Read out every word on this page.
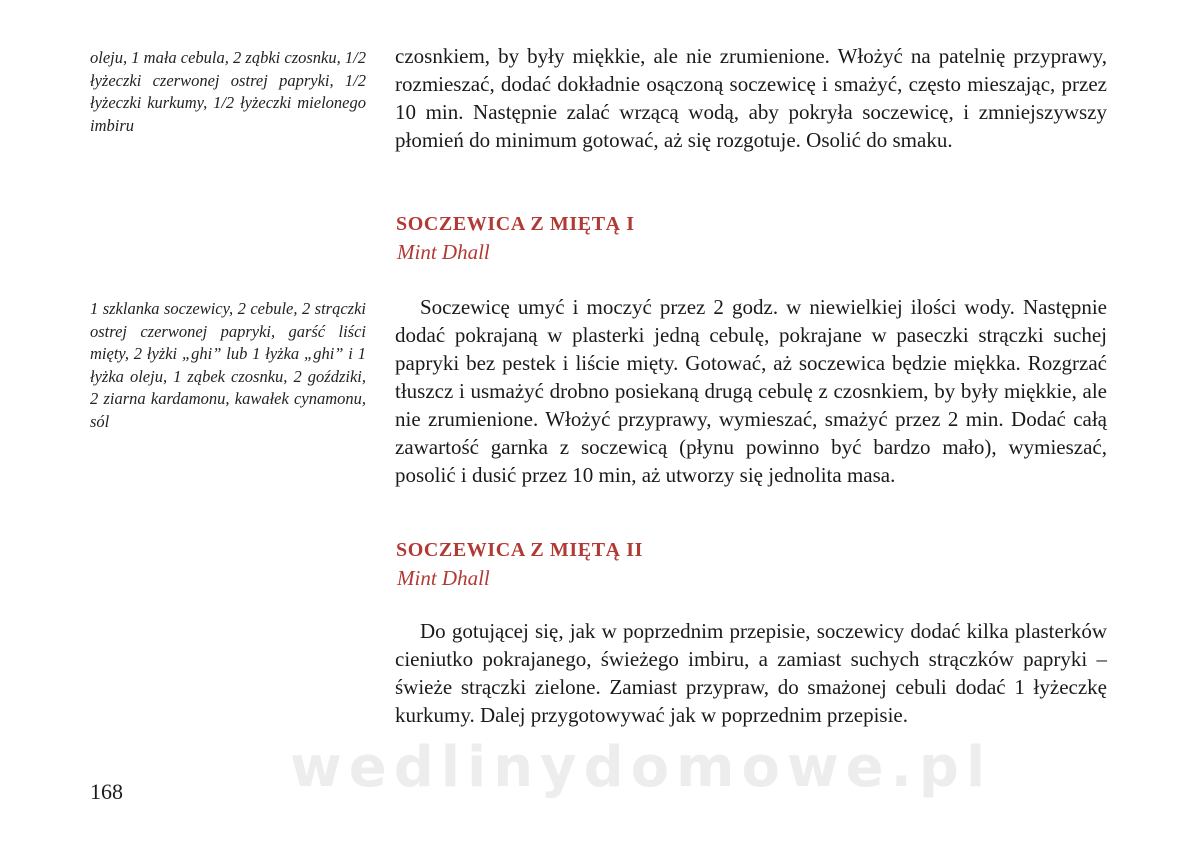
oleju, 1 mała cebula, 2 ząbki czosnku, 1/2 łyżeczki czerwonej ostrej papryki, 1/2 łyżeczki kurkumy, 1/2 łyżeczki mielonego imbiru
czosnkiem, by były miękkie, ale nie zrumienione. Włożyć na patelnię przyprawy, rozmieszać, dodać dokładnie osączoną soczewicę i smażyć, często mieszając, przez 10 min. Następnie zalać wrzącą wodą, aby pokryła soczewicę, i zmniejszywszy płomień do minimum gotować, aż się rozgotuje. Osolić do smaku.
SOCZEWICA Z MIĘTĄ I
Mint Dhall
1 szklanka soczewicy, 2 cebule, 2 strączki ostrej czerwonej papryki, garść liści mięty, 2 łyżki „ghi” lub 1 łyżka „ghi” i 1 łyżka oleju, 1 ząbek czosnku, 2 goździki, 2 ziarna kardamonu, kawałek cynamonu, sól
Soczewicę umyć i moczyć przez 2 godz. w niewielkiej ilości wody. Następnie dodać pokrajaną w plasterki jedną cebulę, pokrajane w paseczki strączki suchej papryki bez pestek i liście mięty. Gotować, aż soczewica będzie miękka. Rozgrzać tłuszcz i usmażyć drobno posiekaną drugą cebulę z czosnkiem, by były miękkie, ale nie zrumienione. Włożyć przyprawy, wymieszać, smażyć przez 2 min. Dodać całą zawartość garnka z soczewicą (płynu powinno być bardzo mało), wymieszać, posolić i dusić przez 10 min, aż utworzy się jednolita masa.
SOCZEWICA Z MIĘTĄ II
Mint Dhall
Do gotującej się, jak w poprzednim przepisie, soczewicy dodać kilka plasterków cieniutko pokrajanego, świeżego imbiru, a zamiast suchych strączków papryki – świeże strączki zielone. Zamiast przypraw, do smażonej cebuli dodać 1 łyżeczkę kurkumy. Dalej przygotowywać jak w poprzednim przepisie.
168	wedlinydomowe.pl
